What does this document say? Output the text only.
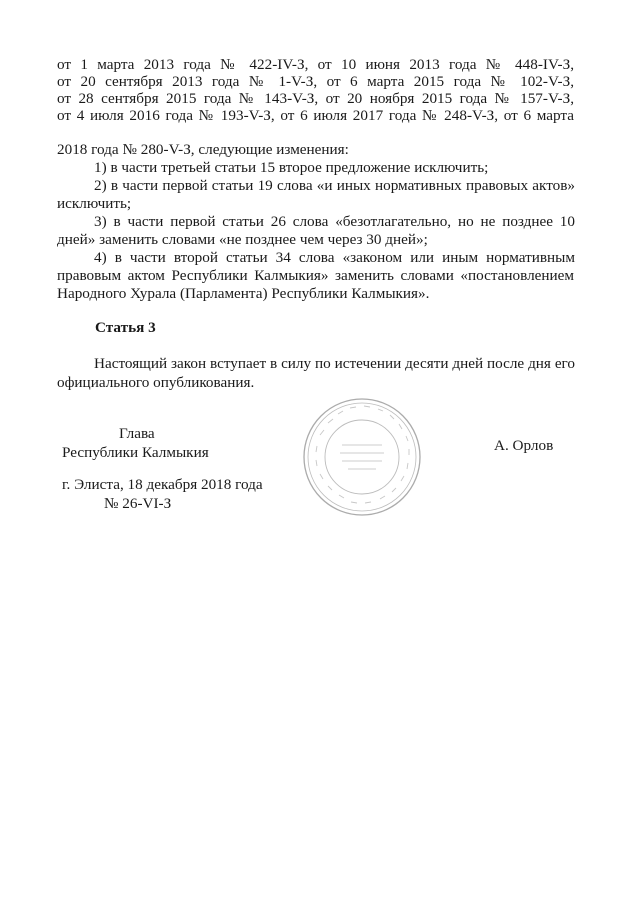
от 1 марта 2013 года № 422-IV-З, от 10 июня 2013 года № 448-IV-З,
от 20 сентября 2013 года № 1-V-З, от 6 марта 2015 года № 102-V-З,
от 28 сентября 2015 года № 143-V-З, от 20 ноября 2015 года № 157-V-З,
от 4 июля 2016 года № 193-V-З, от 6 июля 2017 года № 248-V-З, от 6 марта
2018 года № 280-V-З, следующие изменения:
1) в части третьей статьи 15 второе предложение исключить;
2) в части первой статьи 19 слова «и иных нормативных правовых актов»
исключить;
3) в части первой статьи 26 слова «безотлагательно, но не позднее 10
дней» заменить словами «не позднее чем через 30 дней»;
4) в части второй статьи 34 слова «законом или иным нормативным
правовым актом Республики Калмыкия» заменить словами «постановлением
Народного Хурала (Парламента) Республики Калмыкия».
Статья 3
Настоящий закон вступает в силу по истечении десяти дней после дня его
официального опубликования.
Глава
Республики Калмыкия	А. Орлов
г. Элиста, 18 декабря 2018 года
№ 26-VI-З
